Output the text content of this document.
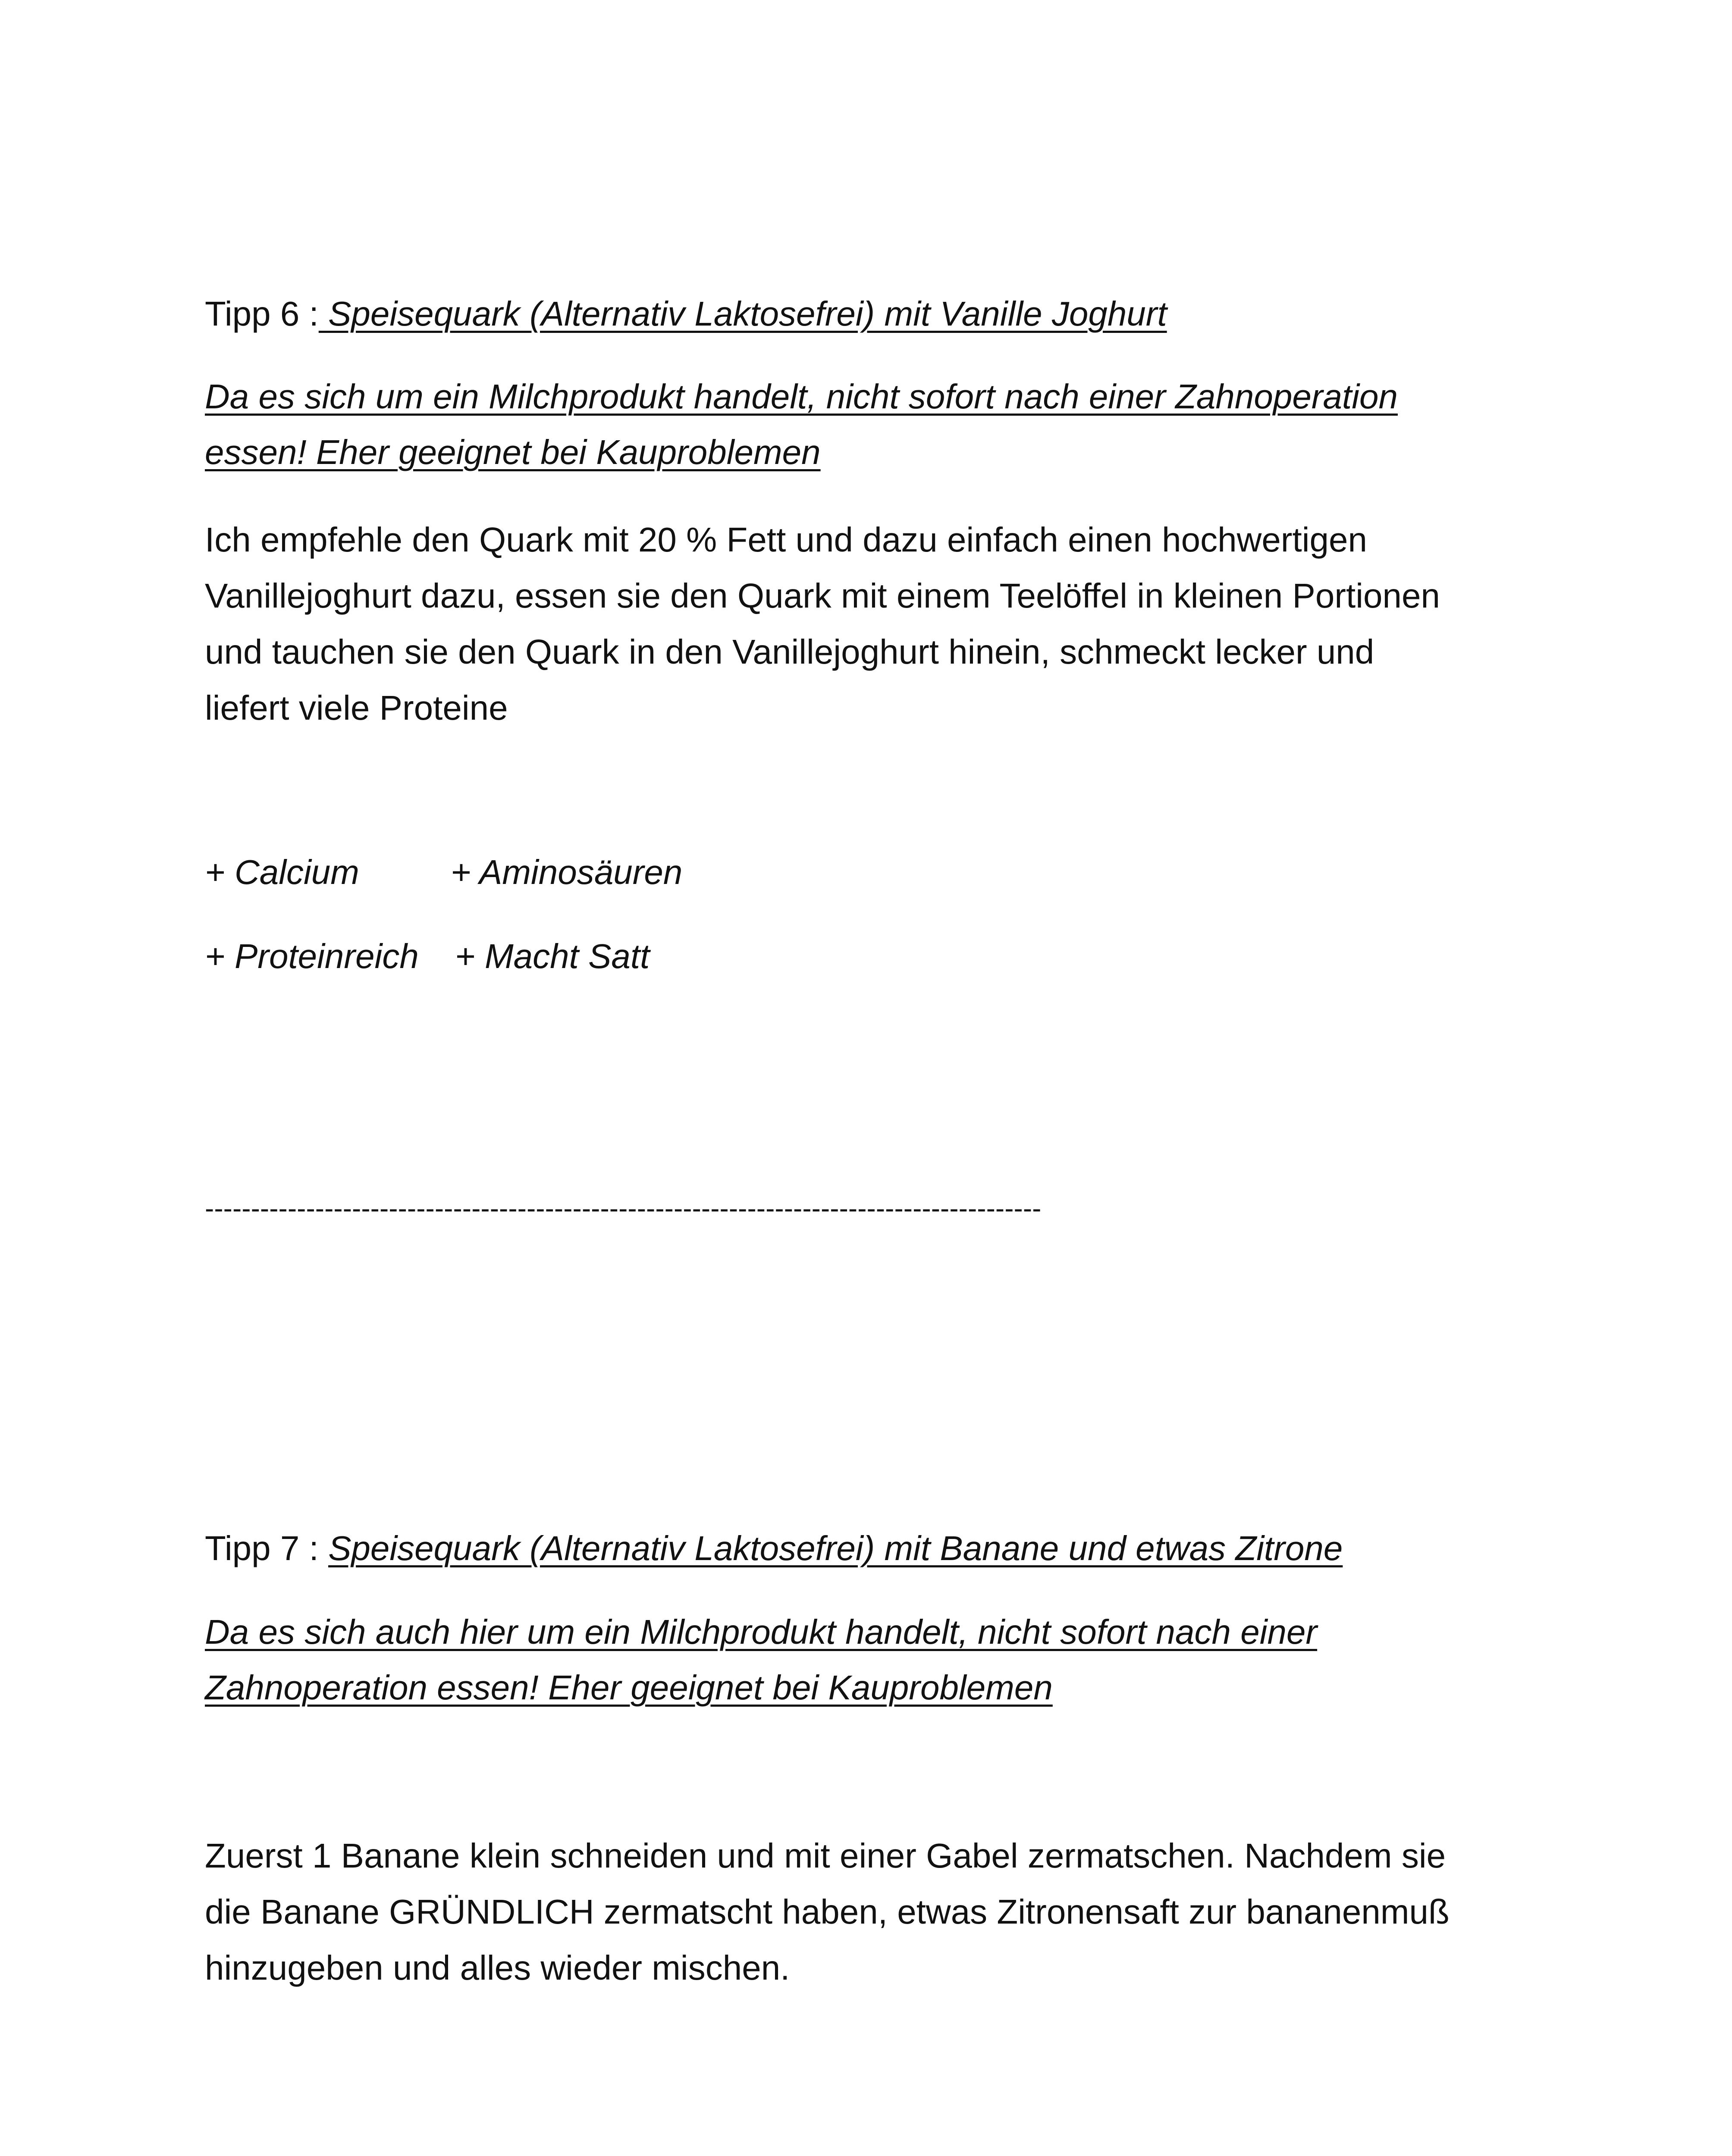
Tipp 6 : Speisequark (Alternativ Laktosefrei) mit Vanille Joghurt
Da es sich um ein Milchprodukt handelt, nicht sofort nach einer Zahnoperation
essen! Eher geeignet bei Kauproblemen

Ich empfehle den Quark mit 20 % Fett und dazu einfach einen hochwertigen

Vanillejoghurt dazu, essen sie den Quark mit einem Teelöffel in kleinen Portionen

und tauchen sie den Quark in den Vanillejoghurt hinein, schmeckt lecker und

liefert viele Proteine

+ Calcium	+ Aminosäuren
+ Proteinreich + Macht Satt
-------------------------------------------------------------------------------------------
Tipp 7 : Speisequark (Alternativ Laktosefrei) mit Banane und etwas Zitrone
Da es sich auch hier um ein Milchprodukt handelt, nicht sofort nach einer
Zahnoperation essen! Eher geeignet bei Kauproblemen

Zuerst 1 Banane klein schneiden und mit einer Gabel zermatschen. Nachdem sie

die Banane GRÜNDLICH zermatscht haben, etwas Zitronensaft zur bananenmuß

hinzugeben und alles wieder mischen.
